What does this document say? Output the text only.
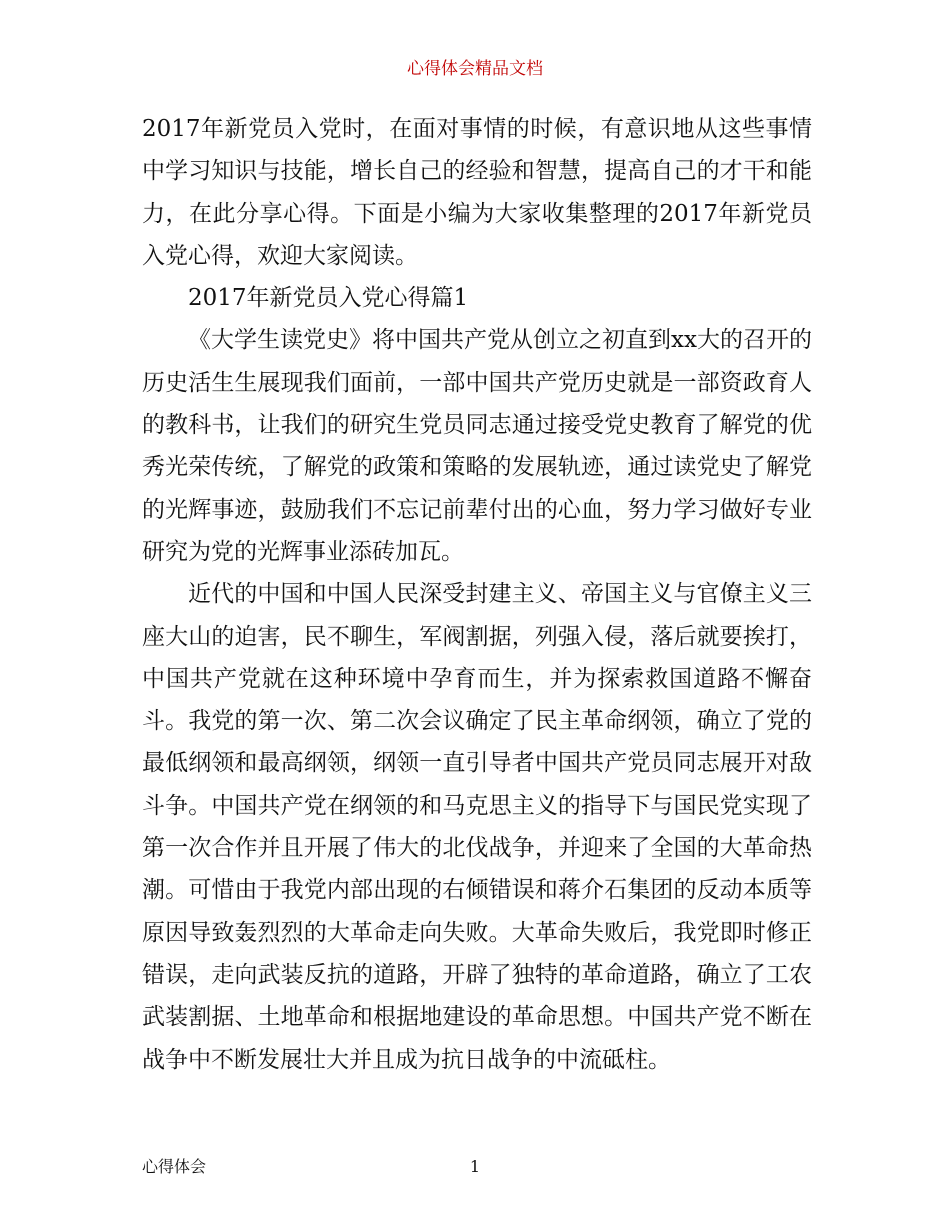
心得体会精品文档

2017年新党员入党时，在面对事情的时候，有意识地从这些事情中学习知识与技能，增长自己的经验和智慧，提高自己的才干和能力，在此分享心得。下面是小编为大家收集整理的2017年新党员入党心得，欢迎大家阅读。

2017年新党员入党心得篇1

《大学生读党史》将中国共产党从创立之初直到xx大的召开的历史活生生展现我们面前，一部中国共产党历史就是一部资政育人的教科书，让我们的研究生党员同志通过接受党史教育了解党的优秀光荣传统，了解党的政策和策略的发展轨迹，通过读党史了解党的光辉事迹，鼓励我们不忘记前辈付出的心血，努力学习做好专业研究为党的光辉事业添砖加瓦。

近代的中国和中国人民深受封建主义、帝国主义与官僚主义三座大山的迫害，民不聊生，军阀割据，列强入侵，落后就要挨打，中国共产党就在这种环境中孕育而生，并为探索救国道路不懈奋斗。我党的第一次、第二次会议确定了民主革命纲领，确立了党的最低纲领和最高纲领，纲领一直引导者中国共产党员同志展开对敌斗争。中国共产党在纲领的和马克思主义的指导下与国民党实现了第一次合作并且开展了伟大的北伐战争，并迎来了全国的大革命热潮。可惜由于我党内部出现的右倾错误和蒋介石集团的反动本质等原因导致轰烈烈的大革命走向失败。大革命失败后，我党即时修正错误，走向武装反抗的道路，开辟了独特的革命道路，确立了工农武装割据、土地革命和根据地建设的革命思想。中国共产党不断在战争中不断发展壮大并且成为抗日战争的中流砥柱。

心得体会	1
